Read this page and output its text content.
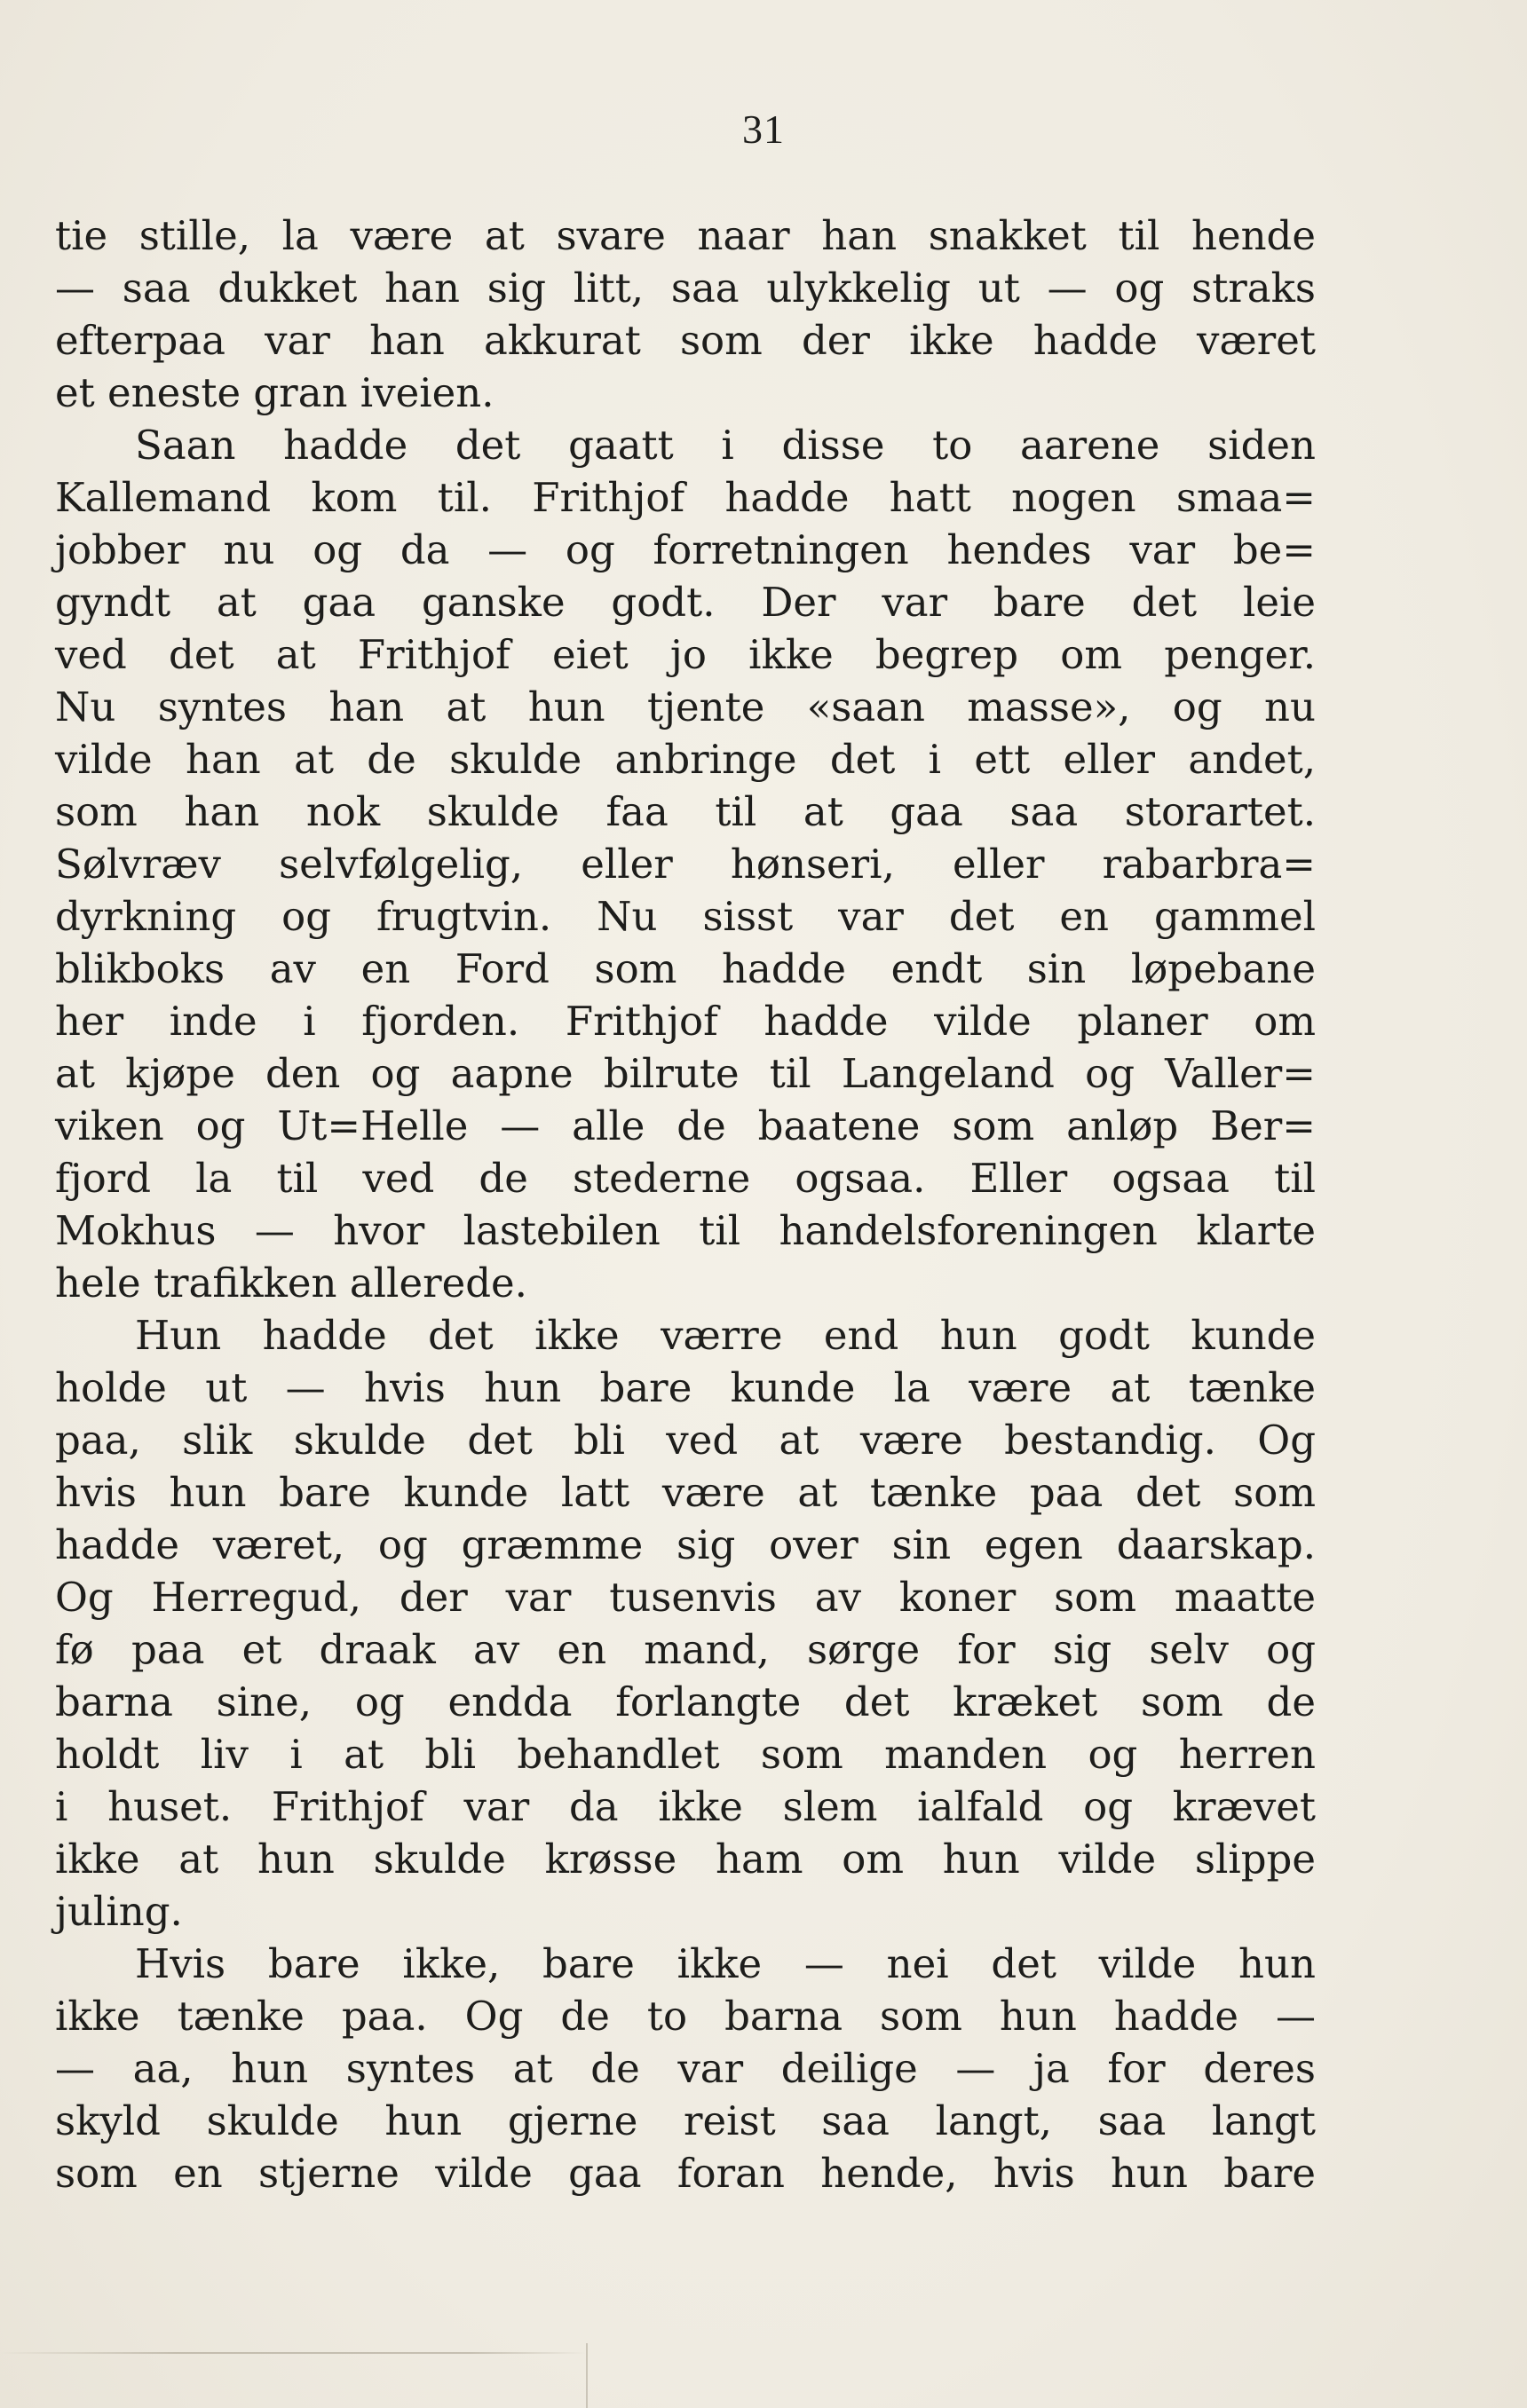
31
tie stille, la være at svare naar han snakket til hende
— saa dukket han sig litt, saa ulykkelig ut — og straks
efterpaa var han akkurat som der ikke hadde været
et eneste gran iveien.
Saan hadde det gaatt i disse to aarene siden
Kallemand kom til. Frithjof hadde hatt nogen smaa=
jobber nu og da — og forretningen hendes var be=
gyndt at gaa ganske godt. Der var bare det leie
ved det at Frithjof eiet jo ikke begrep om penger.
Nu syntes han at hun tjente «saan masse», og nu
vilde han at de skulde anbringe det i ett eller andet,
som han nok skulde faa til at gaa saa storartet.
Sølvræv selvfølgelig, eller hønseri, eller rabarbra=
dyrkning og frugtvin. Nu sisst var det en gammel
blikboks av en Ford som hadde endt sin løpebane
her inde i fjorden. Frithjof hadde vilde planer om
at kjøpe den og aapne bilrute til Langeland og Valler=
viken og Ut=Helle — alle de baatene som anløp Ber=
fjord la til ved de stederne ogsaa. Eller ogsaa til
Mokhus — hvor lastebilen til handelsforeningen klarte
hele trafikken allerede.
Hun hadde det ikke værre end hun godt kunde
holde ut — hvis hun bare kunde la være at tænke
paa, slik skulde det bli ved at være bestandig. Og
hvis hun bare kunde latt være at tænke paa det som
hadde været, og græmme sig over sin egen daarskap.
Og Herregud, der var tusenvis av koner som maatte
fø paa et draak av en mand, sørge for sig selv og
barna sine, og endda forlangte det kræket som de
holdt liv i at bli behandlet som manden og herren
i huset. Frithjof var da ikke slem ialfald og krævet
ikke at hun skulde krøsse ham om hun vilde slippe
juling.
Hvis bare ikke, bare ikke — nei det vilde hun
ikke tænke paa. Og de to barna som hun hadde —
— aa, hun syntes at de var deilige — ja for deres
skyld skulde hun gjerne reist saa langt, saa langt
som en stjerne vilde gaa foran hende, hvis hun bare
